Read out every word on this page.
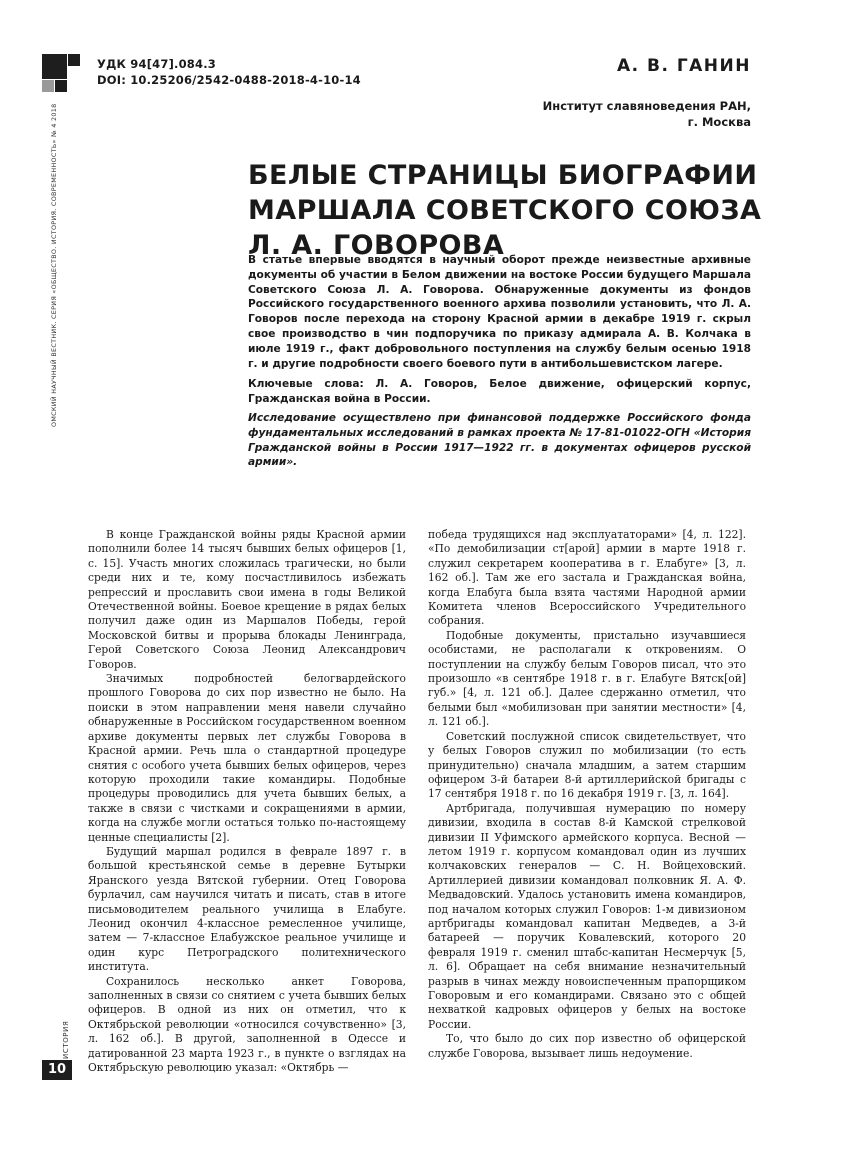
УДК 94[47].084.3
DOI: 10.25206/2542-0488-2018-4-10-14
А. В. ГАНИН
Институт славяноведения РАН,
г. Москва
ОМСКИЙ НАУЧНЫЙ ВЕСТНИК. СЕРИЯ «ОБЩЕСТВО. ИСТОРИЯ. СОВРЕМЕННОСТЬ» № 4 2018
ИСТОРИЯ
10
БЕЛЫЕ СТРАНИЦЫ БИОГРАФИИ
МАРШАЛА СОВЕТСКОГО СОЮЗА
Л. А. ГОВОРОВА

В статье впервые вводятся в научный оборот прежде неизвестные архивные документы об участии в Белом движении на востоке России будущего Маршала Советского Союза Л. А. Говорова. Обнаруженные документы из фондов Российского государственного военного архива позволили установить, что Л. А. Говоров после перехода на сторону Красной армии в декабре 1919 г. скрыл свое производство в чин подпоручика по приказу адмирала А. В. Колчака в июле 1919 г., факт добровольного поступления на службу белым осенью 1918 г. и другие подробности своего боевого пути в антибольшевистском лагере.

Ключевые слова: Л. А. Говоров, Белое движение, офицерский корпус, Гражданская война в России.

Исследование осуществлено при финансовой поддержке Российского фонда фундаментальных исследований в рамках проекта № 17-81-01022-ОГН «История Гражданской войны в России 1917—1922 гг. в документах офицеров русской армии».

В конце Гражданской войны ряды Красной армии пополнили более 14 тысяч бывших белых офицеров [1, с. 15]. Участь многих сложилась трагически, но были среди них и те, кому посчастливилось избежать репрессий и прославить свои имена в годы Великой Отечественной войны. Боевое крещение в рядах белых получил даже один из Маршалов Победы, герой Московской битвы и прорыва блокады Ленинграда, Герой Советского Союза Леонид Александрович Говоров.

Значимых подробностей белогвардейского прошлого Говорова до сих пор известно не было. На поиски в этом направлении меня навели случайно обнаруженные в Российском государственном военном архиве документы первых лет службы Говорова в Красной армии. Речь шла о стандартной процедуре снятия с особого учета бывших белых офицеров, через которую проходили такие командиры. Подобные процедуры проводились для учета бывших белых, а также в связи с чистками и сокращениями в армии, когда на службе могли остаться только по-настоящему ценные специалисты [2].

Будущий маршал родился в феврале 1897 г. в большой крестьянской семье в деревне Бутырки Яранского уезда Вятской губернии. Отец Говорова бурлачил, сам научился читать и писать, став в итоге письмоводителем реального училища в Елабуге. Леонид окончил 4-классное ремесленное училище, затем — 7-классное Елабужское реальное училище и один курс Петроградского политехнического института.

Сохранилось несколько анкет Говорова, заполненных в связи со снятием с учета бывших белых офицеров. В одной из них он отметил, что к Октябрьской революции «относился сочувственно» [3, л. 162 об.]. В другой, заполненной в Одессе и датированной 23 марта 1923 г., в пункте о взглядах на Октябрьскую революцию указал: «Октябрь —

победа трудящихся над эксплуататорами» [4, л. 122]. «По демобилизации ст[арой] армии в марте 1918 г. служил секретарем кооператива в г. Елабуге» [3, л. 162 об.]. Там же его застала и Гражданская война, когда Елабуга была взята частями Народной армии Комитета членов Всероссийского Учредительного собрания.

Подобные документы, пристально изучавшиеся особистами, не располагали к откровениям. О поступлении на службу белым Говоров писал, что это произошло «в сентябре 1918 г. в г. Елабуге Вятск[ой] губ.» [4, л. 121 об.]. Далее сдержанно отметил, что белыми был «мобилизован при занятии местности» [4, л. 121 об.].

Советский послужной список свидетельствует, что у белых Говоров служил по мобилизации (то есть принудительно) сначала младшим, а затем старшим офицером 3-й батареи 8-й артиллерийской бригады с 17 сентября 1918 г. по 16 декабря 1919 г. [3, л. 164].

Артбригада, получившая нумерацию по номеру дивизии, входила в состав 8-й Камской стрелковой дивизии II Уфимского армейского корпуса. Весной — летом 1919 г. корпусом командовал один из лучших колчаковских генералов — С. Н. Войцеховский. Артиллерией дивизии командовал полковник Я. А. Ф. Медвадовский. Удалось установить имена командиров, под началом которых служил Говоров: 1-м дивизионом артбригады командовал капитан Медведев, а 3-й батареей — поручик Ковалевский, которого 20 февраля 1919 г. сменил штабс-капитан Несмерчук [5, л. 6]. Обращает на себя внимание незначительный разрыв в чинах между новоиспеченным прапорщиком Говоровым и его командирами. Связано это с общей нехваткой кадровых офицеров у белых на востоке России.

То, что было до сих пор известно об офицерской службе Говорова, вызывает лишь недоумение.
